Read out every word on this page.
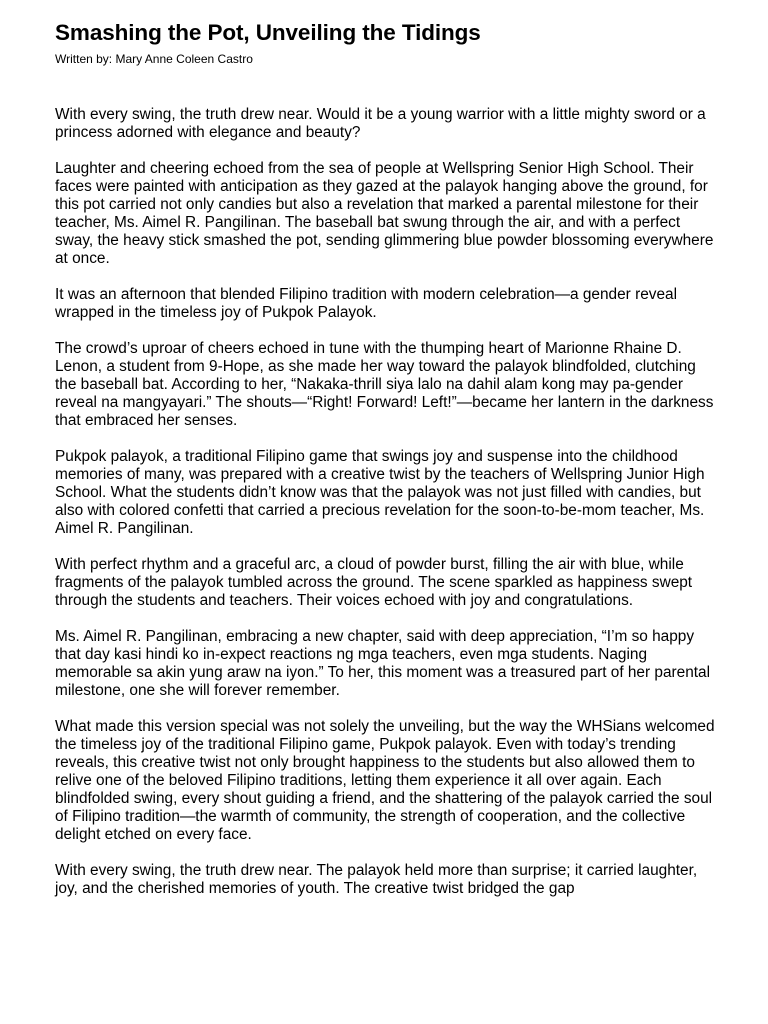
Smashing the Pot, Unveiling the Tidings

Written by: Mary Anne Coleen Castro

With every swing, the truth drew near. Would it be a young warrior with a little mighty sword or a princess adorned with elegance and beauty?

Laughter and cheering echoed from the sea of people at Wellspring Senior High School. Their faces were painted with anticipation as they gazed at the palayok hanging above the ground, for this pot carried not only candies but also a revelation that marked a parental milestone for their teacher, Ms. Aimel R. Pangilinan. The baseball bat swung through the air, and with a perfect sway, the heavy stick smashed the pot, sending glimmering blue powder blossoming everywhere at once.

It was an afternoon that blended Filipino tradition with modern celebration—a gender reveal wrapped in the timeless joy of Pukpok Palayok.

The crowd’s uproar of cheers echoed in tune with the thumping heart of Marionne Rhaine D. Lenon, a student from 9-Hope, as she made her way toward the palayok blindfolded, clutching the baseball bat. According to her, “Nakaka-thrill siya lalo na dahil alam kong may pa-gender reveal na mangyayari.” The shouts—“Right! Forward! Left!”—became her lantern in the darkness that embraced her senses.

Pukpok palayok, a traditional Filipino game that swings joy and suspense into the childhood memories of many, was prepared with a creative twist by the teachers of Wellspring Junior High School. What the students didn’t know was that the palayok was not just filled with candies, but also with colored confetti that carried a precious revelation for the soon-to-be-mom teacher, Ms. Aimel R. Pangilinan.

With perfect rhythm and a graceful arc, a cloud of powder burst, filling the air with blue, while fragments of the palayok tumbled across the ground. The scene sparkled as happiness swept through the students and teachers. Their voices echoed with joy and congratulations.

Ms. Aimel R. Pangilinan, embracing a new chapter, said with deep appreciation, “I’m so happy that day kasi hindi ko in-expect reactions ng mga teachers, even mga students. Naging memorable sa akin yung araw na iyon.” To her, this moment was a treasured part of her parental milestone, one she will forever remember.

What made this version special was not solely the unveiling, but the way the WHSians welcomed the timeless joy of the traditional Filipino game, Pukpok palayok. Even with today’s trending reveals, this creative twist not only brought happiness to the students but also allowed them to relive one of the beloved Filipino traditions, letting them experience it all over again. Each blindfolded swing, every shout guiding a friend, and the shattering of the palayok carried the soul of Filipino tradition—the warmth of community, the strength of cooperation, and the collective delight etched on every face.

With every swing, the truth drew near. The palayok held more than surprise; it carried laughter, joy, and the cherished memories of youth. The creative twist bridged the gap
